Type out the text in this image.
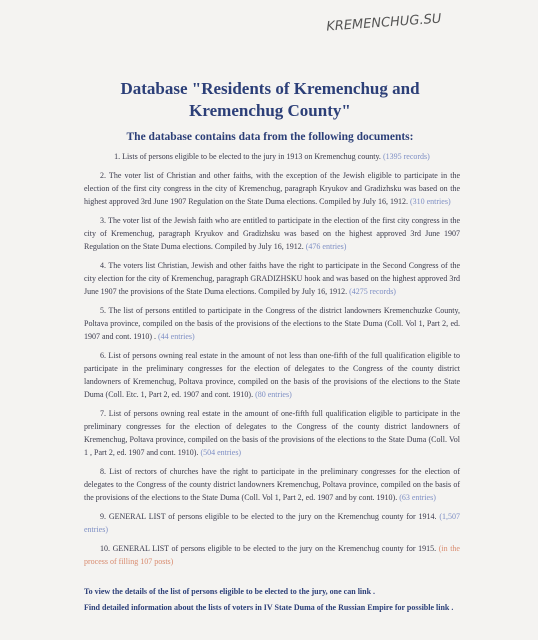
KREMENCHUG.SU
Database "Residents of Kremenchug and
Kremenchug County"
The database contains data from the following documents:

1. Lists of persons eligible to be elected to the jury in 1913 on Kremenchug county. (1395 records)

2. The voter list of Christian and other faiths, with the exception of the Jewish eligible to participate in the election of the first city congress in the city of Kremenchug, paragraph Kryukov and Gradizhsku was based on the highest approved 3rd June 1907 Regulation on the State Duma elections. Compiled by July 16, 1912. (310 entries)

3. The voter list of the Jewish faith who are entitled to participate in the election of the first city congress in the city of Kremenchug, paragraph Kryukov and Gradizhsku was based on the highest approved 3rd June 1907 Regulation on the State Duma elections. Compiled by July 16, 1912. (476 entries)

4. The voters list Christian, Jewish and other faiths have the right to participate in the Second Congress of the city election for the city of Kremenchug, paragraph GRADIZHSKU hook and was based on the highest approved 3rd June 1907 the provisions of the State Duma elections. Compiled by July 16, 1912. (4275 records)

5. The list of persons entitled to participate in the Congress of the district landowners Kremenchuzke County, Poltava province, compiled on the basis of the provisions of the elections to the State Duma (Coll. Vol 1, Part 2, ed. 1907 and cont. 1910) . (44 entries)

6. List of persons owning real estate in the amount of not less than one-fifth of the full qualification eligible to participate in the preliminary congresses for the election of delegates to the Congress of the county district landowners of Kremenchug, Poltava province, compiled on the basis of the provisions of the elections to the State Duma (Coll. Etc. 1, Part 2, ed. 1907 and cont. 1910). (80 entries)

7. List of persons owning real estate in the amount of one-fifth full qualification eligible to participate in the preliminary congresses for the election of delegates to the Congress of the county district landowners of Kremenchug, Poltava province, compiled on the basis of the provisions of the elections to the State Duma (Coll. Vol 1 , Part 2, ed. 1907 and cont. 1910). (504 entries)

8. List of rectors of churches have the right to participate in the preliminary congresses for the election of delegates to the Congress of the county district landowners Kremenchug, Poltava province, compiled on the basis of the provisions of the elections to the State Duma (Coll. Vol 1, Part 2, ed. 1907 and by cont. 1910). (63 entries)

9. GENERAL LIST of persons eligible to be elected to the jury on the Kremenchug county for 1914. (1,507 entries)

10. GENERAL LIST of persons eligible to be elected to the jury on the Kremenchug county for 1915. (in the process of filling 107 posts)

To view the details of the list of persons eligible to be elected to the jury, one can link .

Find detailed information about the lists of voters in IV State Duma of the Russian Empire for possible link .
